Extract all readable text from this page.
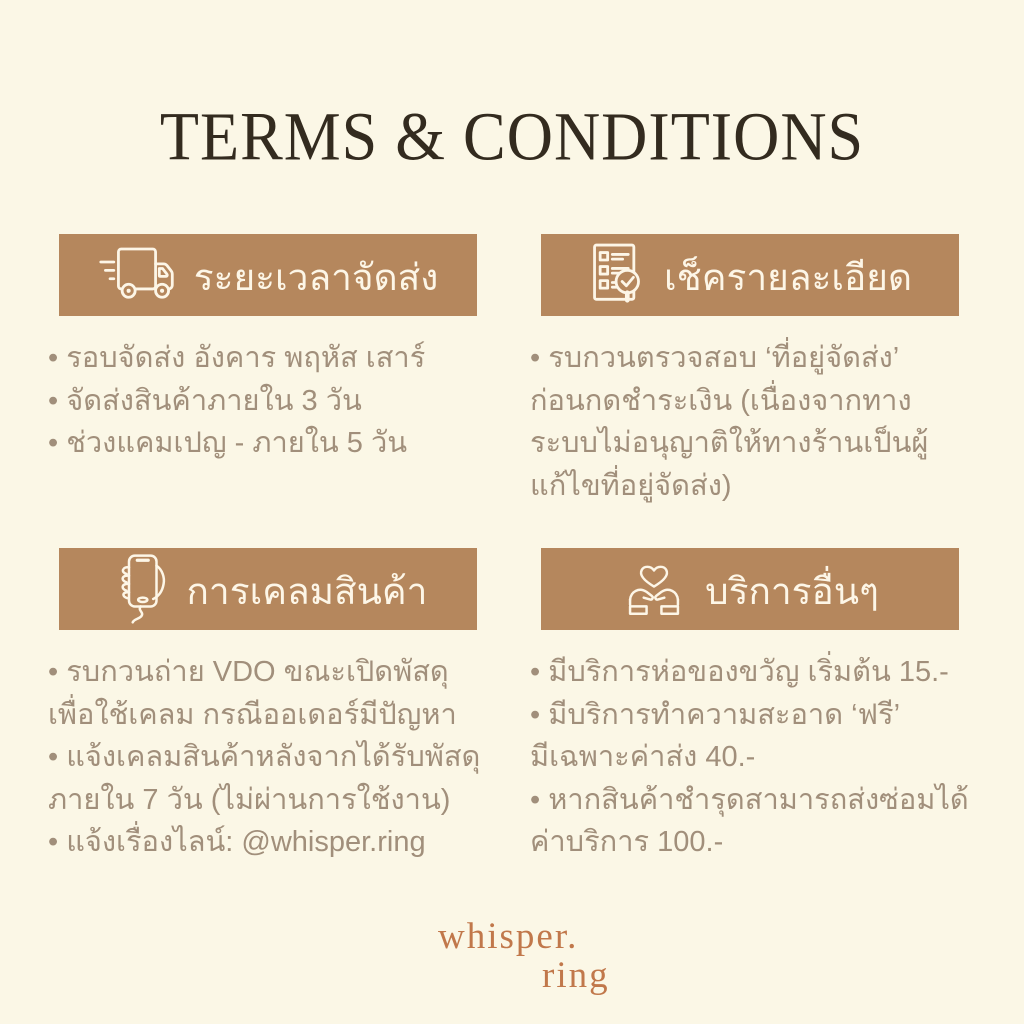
TERMS & CONDITIONS
ระยะเวลาจัดส่ง
• รอบจัดส่ง อังคาร พฤหัส เสาร์
• จัดส่งสินค้าภายใน 3 วัน
• ช่วงแคมเปญ - ภายใน 5 วัน
เช็ครายละเอียด
• รบกวนตรวจสอบ ‘ที่อยู่จัดส่ง’
ก่อนกดชำระเงิน (เนื่องจากทาง
ระบบไม่อนุญาติให้ทางร้านเป็นผู้
แก้ไขที่อยู่จัดส่ง)
การเคลมสินค้า
• รบกวนถ่าย VDO ขณะเปิดพัสดุ
เพื่อใช้เคลม กรณีออเดอร์มีปัญหา
• แจ้งเคลมสินค้าหลังจากได้รับพัสดุ
ภายใน 7 วัน (ไม่ผ่านการใช้งาน)
• แจ้งเรื่องไลน์: @whisper.ring
บริการอื่นๆ
• มีบริการห่อของขวัญ เริ่มต้น 15.-
• มีบริการทำความสะอาด ‘ฟรี’
มีเฉพาะค่าส่ง 40.-
• หากสินค้าชำรุดสามารถส่งซ่อมได้
ค่าบริการ 100.-
whisper.
ring
